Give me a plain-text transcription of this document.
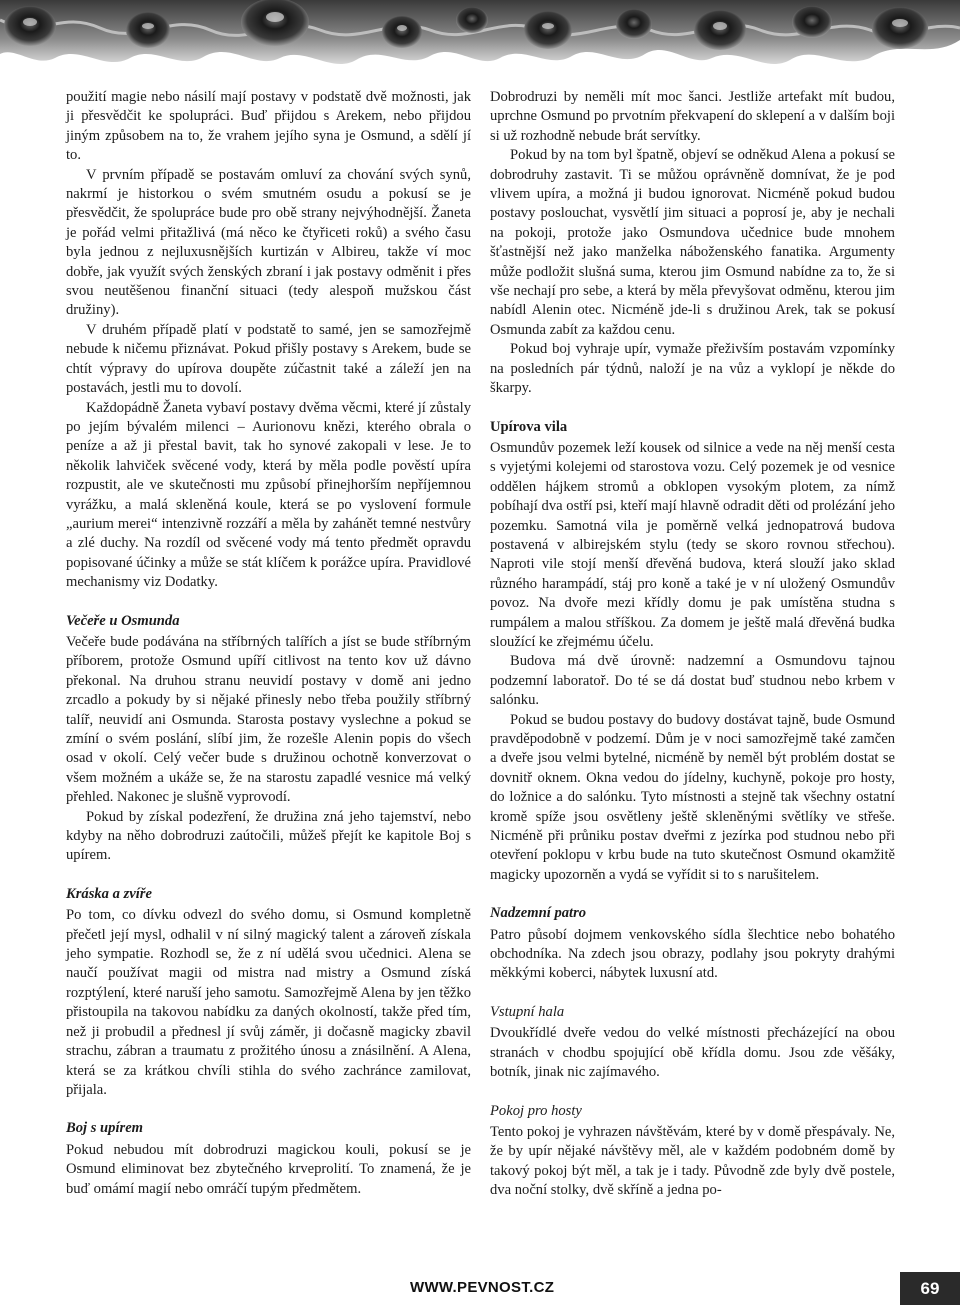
použití magie nebo násilí mají postavy v podstatě dvě možnosti, jak ji přesvědčit ke spolupráci. Buď přijdou s Arekem, nebo přijdou jiným způsobem na to, že vrahem jejího syna je Osmund, a sdělí jí to.

V prvním případě se postavám omluví za chování svých synů, nakrmí je historkou o svém smutném osudu a pokusí se je přesvědčit, že spolupráce bude pro obě strany nejvýhodnější. Žaneta je pořád velmi přitažlivá (má něco ke čtyřiceti roků) a svého času byla jednou z nejluxusnějších kurtizán v Albireu, takže ví moc dobře, jak využít svých ženských zbraní i jak postavy odměnit i přes svou neutěšenou finanční situaci (tedy alespoň mužskou část družiny).

V druhém případě platí v podstatě to samé, jen se samozřejmě nebude k ničemu přiznávat. Pokud přišly postavy s Arekem, bude se chtít výpravy do upírova doupěte zúčastnit také a záleží jen na postavách, jestli mu to dovolí.

Každopádně Žaneta vybaví postavy dvěma věcmi, které jí zůstaly po jejím bývalém milenci – Aurionovu knězi, kterého obrala o peníze a až ji přestal bavit, tak ho synové zakopali v lese. Je to několik lahviček svěcené vody, která by měla podle pověstí upíra rozpustit, ale ve skutečnosti mu způsobí přinejhorším nepříjemnou vyrážku, a malá skleněná koule, která se po vyslovení formule „aurium merei“ intenzivně rozzáří a měla by zahánět temné nestvůry a zlé duchy. Na rozdíl od svěcené vody má tento předmět opravdu popisované účinky a může se stát klíčem k porážce upíra. Pravidlové mechanismy viz Dodatky.

Večeře u Osmunda

Večeře bude podávána na stříbrných talířích a jíst se bude stříbrným příborem, protože Osmund upíří citlivost na tento kov už dávno překonal. Na druhou stranu neuvidí postavy v domě ani jedno zrcadlo a pokudy by si nějaké přinesly nebo třeba použily stříbrný talíř, neuvidí ani Osmunda. Starosta postavy vyslechne a pokud se zmíní o svém poslání, slíbí jim, že rozešle Alenin popis do všech osad v okolí. Celý večer bude s družinou ochotně konverzovat o všem možném a ukáže se, že na starostu zapadlé vesnice má velký přehled. Nakonec je slušně vyprovodí.

Pokud by získal podezření, že družina zná jeho tajemství, nebo kdyby na něho dobrodruzi zaútočili, můžeš přejít ke kapitole Boj s upírem.

Kráska a zvíře

Po tom, co dívku odvezl do svého domu, si Osmund kompletně přečetl její mysl, odhalil v ní silný magický talent a zároveň získala jeho sympatie. Rozhodl se, že z ní udělá svou učednici. Alena se naučí používat magii od mistra nad mistry a Osmund získá rozptýlení, které naruší jeho samotu. Samozřejmě Alena by jen těžko přistoupila na takovou nabídku za daných okolností, takže před tím, než ji probudil a přednesl jí svůj záměr, ji dočasně magicky zbavil strachu, zábran a traumatu z prožitého únosu a znásilnění. A Alena, která se za krátkou chvíli stihla do svého zachránce zamilovat, přijala.

Boj s upírem

Pokud nebudou mít dobrodruzi magickou kouli, pokusí se je Osmund eliminovat bez zbytečného krveprolití. To znamená, že je buď omámí magií nebo omráčí tupým předmětem.

Dobrodruzi by neměli mít moc šanci. Jestliže artefakt mít budou, uprchne Osmund po prvotním překvapení do sklepení a v dalším boji si už rozhodně nebude brát servítky.

Pokud by na tom byl špatně, objeví se odněkud Alena a pokusí se dobrodruhy zastavit. Ti se můžou oprávněně domnívat, že je pod vlivem upíra, a možná ji budou ignorovat. Nicméně pokud budou postavy poslouchat, vysvětlí jim situaci a poprosí je, aby je nechali na pokoji, protože jako Osmundova učednice bude mnohem šťastnější než jako manželka náboženského fanatika. Argumenty může podložit slušná suma, kterou jim Osmund nabídne za to, že si vše nechají pro sebe, a která by měla převyšovat odměnu, kterou jim nabídl Alenin otec. Nicméně jde-li s družinou Arek, tak se pokusí Osmunda zabít za každou cenu.

Pokud boj vyhraje upír, vymaže přeživším postavám vzpomínky na posledních pár týdnů, naloží je na vůz a vyklopí je někde do škarpy.

Upírova vila

Osmundův pozemek leží kousek od silnice a vede na něj menší cesta s vyjetými kolejemi od starostova vozu. Celý pozemek je od vesnice oddělen hájkem stromů a obklopen vysokým plotem, za nímž pobíhají dva ostří psi, kteří mají hlavně odradit děti od prolézání jeho pozemku. Samotná vila je poměrně velká jednopatrová budova postavená v albirejském stylu (tedy se skoro rovnou střechou). Naproti vile stojí menší dřevěná budova, která slouží jako sklad různého harampádí, stáj pro koně a také je v ní uložený Osmundův povoz. Na dvoře mezi křídly domu je pak umístěna studna s rumpálem a malou stříškou. Za domem je ještě malá dřevěná budka sloužící ke zřejmému účelu.

Budova má dvě úrovně: nadzemní a Osmundovu tajnou podzemní laboratoř. Do té se dá dostat buď studnou nebo krbem v salónku.

Pokud se budou postavy do budovy dostávat tajně, bude Osmund pravděpodobně v podzemí. Dům je v noci samozřejmě také zamčen a dveře jsou velmi bytelné, nicméně by neměl být problém dostat se dovnitř oknem. Okna vedou do jídelny, kuchyně, pokoje pro hosty, do ložnice a do salónku. Tyto místnosti a stejně tak všechny ostatní kromě spíže jsou osvětleny ještě skleněnými světlíky ve střeše. Nicméně při průniku postav dveřmi z jezírka pod studnou nebo při otevření poklopu v krbu bude na tuto skutečnost Osmund okamžitě magicky upozorněn a vydá se vyřídit si to s narušitelem.

Nadzemní patro

Patro působí dojmem venkovského sídla šlechtice nebo bohatého obchodníka. Na zdech jsou obrazy, podlahy jsou pokryty drahými měkkými koberci, nábytek luxusní atd.

Vstupní hala

Dvoukřídlé dveře vedou do velké místnosti přecházející na obou stranách v chodbu spojující obě křídla domu. Jsou zde věšáky, botník, jinak nic zajímavého.

Pokoj pro hosty

Tento pokoj je vyhrazen návštěvám, které by v domě přespávaly. Ne, že by upír nějaké návštěvy měl, ale v každém podobném domě by takový pokoj být měl, a tak je i tady. Původně zde byly dvě postele, dva noční stolky, dvě skříně a jedna po-

WWW.PEVNOST.CZ	69
